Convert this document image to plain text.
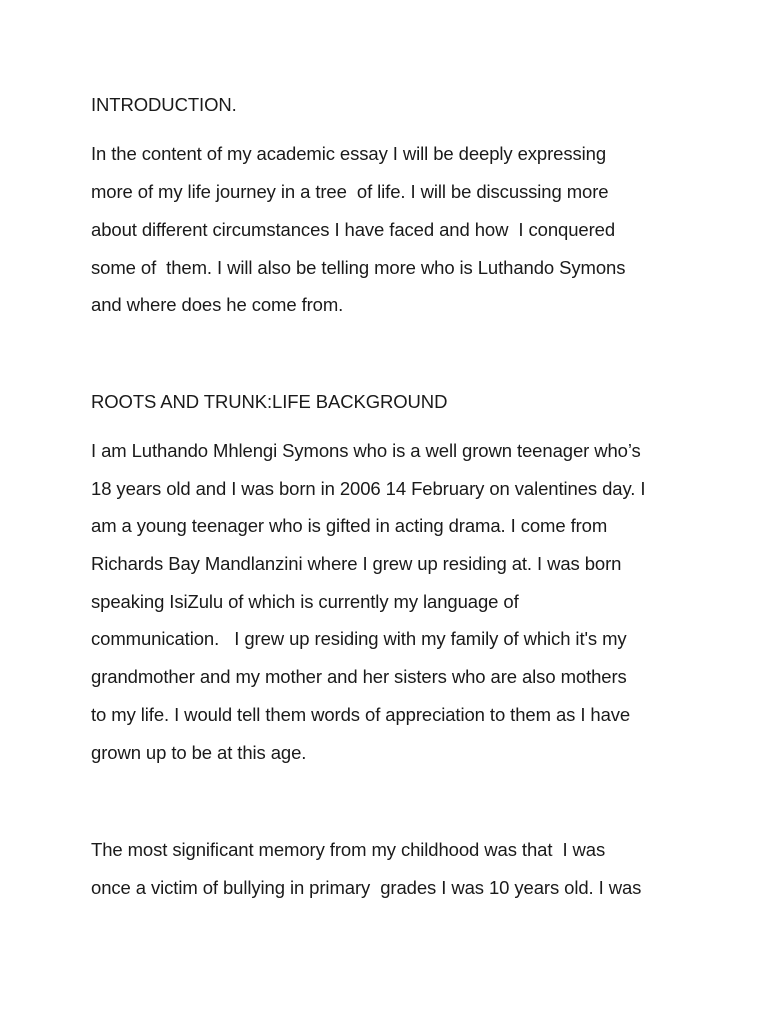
INTRODUCTION.
In the content of my academic essay I will be deeply expressing
more of my life journey in a tree  of life. I will be discussing more
about different circumstances I have faced and how  I conquered
some of  them. I will also be telling more who is Luthando Symons
and where does he come from.
ROOTS AND TRUNK:LIFE BACKGROUND
I am Luthando Mhlengi Symons who is a well grown teenager who’s
18 years old and I was born in 2006 14 February on valentines day. I
am a young teenager who is gifted in acting drama. I come from
Richards Bay Mandlanzini where I grew up residing at. I was born
speaking IsiZulu of which is currently my language of
communication.   I grew up residing with my family of which it's my
grandmother and my mother and her sisters who are also mothers
to my life. I would tell them words of appreciation to them as I have
grown up to be at this age.
The most significant memory from my childhood was that  I was
once a victim of bullying in primary  grades I was 10 years old. I was
